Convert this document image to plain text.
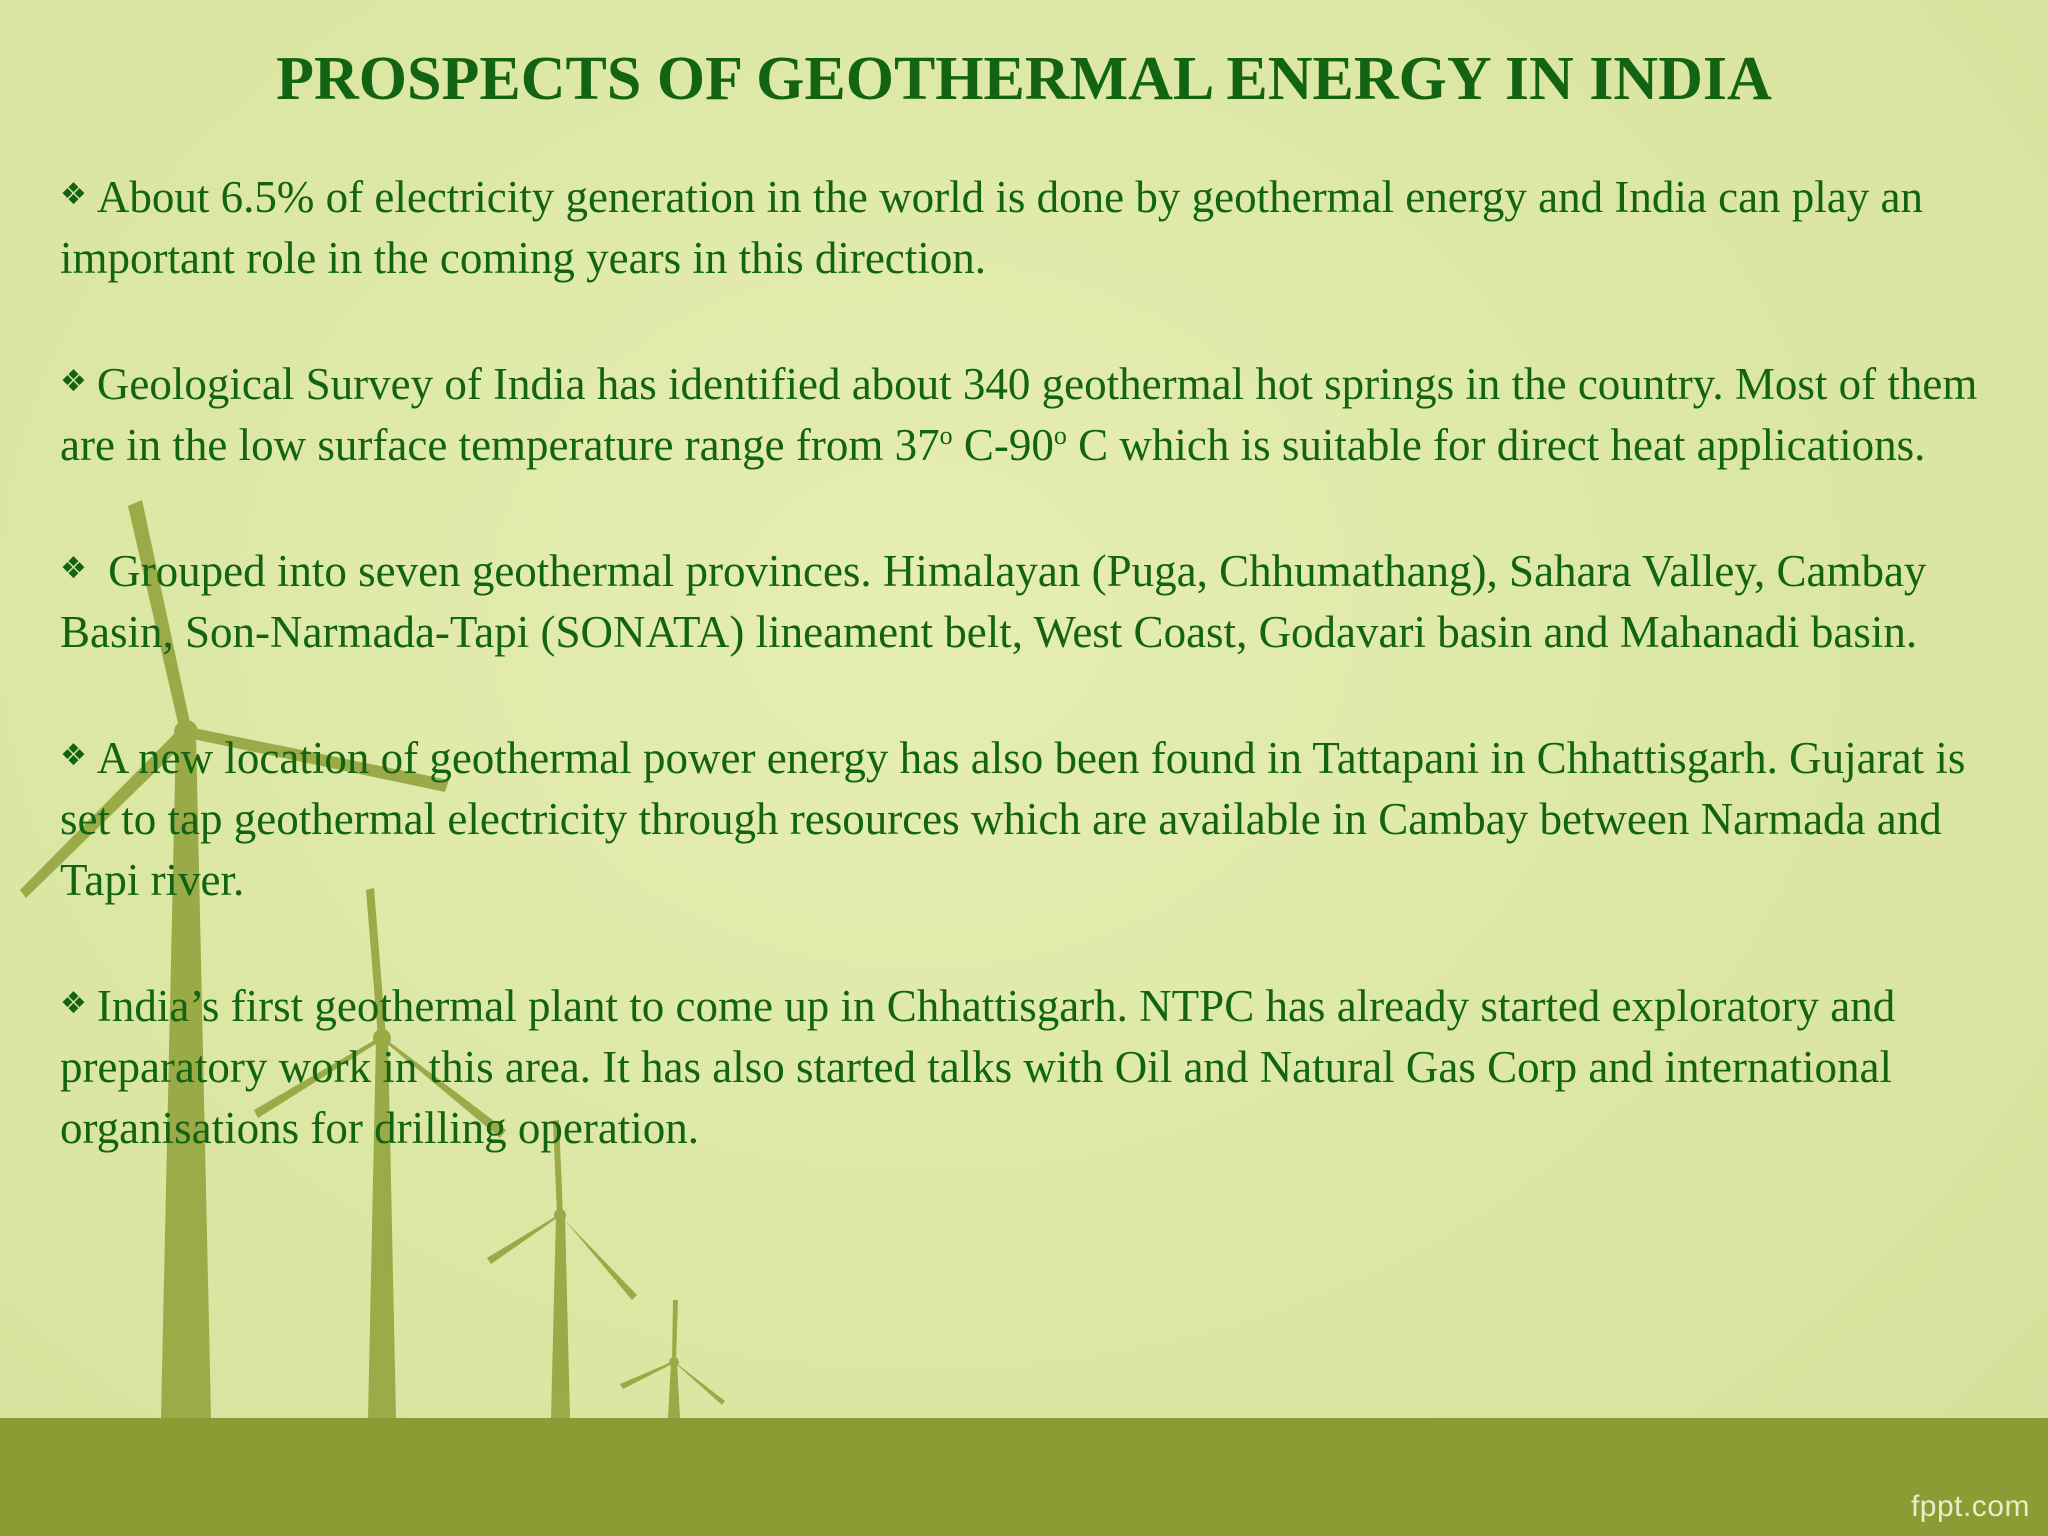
PROSPECTS OF GEOTHERMAL ENERGY IN INDIA
❖ About 6.5% of electricity generation in the world is done by geothermal energy and India can play an important role in the coming years in this direction.
❖ Geological Survey of India has identified about 340 geothermal hot springs in the country. Most of them are in the low surface temperature range from 37$^o$ C-90$^o$ C which is suitable for direct heat applications.
❖ Grouped into seven geothermal provinces. Himalayan (Puga, Chhumathang), Sahara Valley, Cambay Basin, Son-Narmada-Tapi (SONATA) lineament belt, West Coast, Godavari basin and Mahanadi basin.
❖ A new location of geothermal power energy has also been found in Tattapani in Chhattisgarh. Gujarat is set to tap geothermal electricity through resources which are available in Cambay between Narmada and Tapi river.
❖ India’s first geothermal plant to come up in Chhattisgarh. NTPC has already started exploratory and preparatory work in this area. It has also started talks with Oil and Natural Gas Corp and international organisations for drilling operation.
fppt.com
